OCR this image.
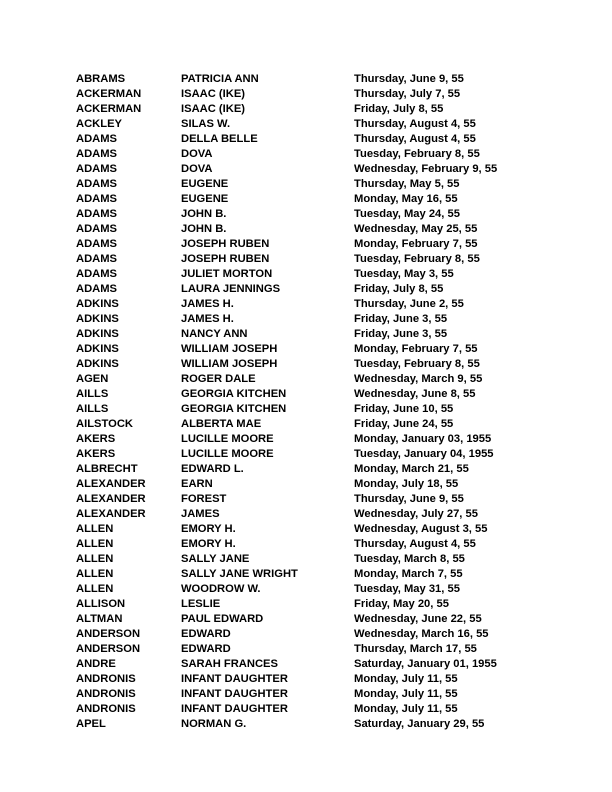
ABRAMS	PATRICIA ANN	Thursday, June 9, 55
ACKERMAN	ISAAC (IKE)	Thursday, July 7, 55
ACKERMAN	ISAAC (IKE)	Friday, July 8, 55
ACKLEY	SILAS W.	Thursday, August 4, 55
ADAMS	DELLA BELLE	Thursday, August 4, 55
ADAMS	DOVA	Tuesday, February 8, 55
ADAMS	DOVA	Wednesday, February 9, 55
ADAMS	EUGENE	Thursday, May 5, 55
ADAMS	EUGENE	Monday, May 16, 55
ADAMS	JOHN B.	Tuesday, May 24, 55
ADAMS	JOHN B.	Wednesday, May 25, 55
ADAMS	JOSEPH RUBEN	Monday, February 7, 55
ADAMS	JOSEPH RUBEN	Tuesday, February 8, 55
ADAMS	JULIET MORTON	Tuesday, May 3, 55
ADAMS	LAURA JENNINGS	Friday, July 8, 55
ADKINS	JAMES H.	Thursday, June 2, 55
ADKINS	JAMES H.	Friday, June 3, 55
ADKINS	NANCY ANN	Friday, June 3, 55
ADKINS	WILLIAM JOSEPH	Monday, February 7, 55
ADKINS	WILLIAM JOSEPH	Tuesday, February 8, 55
AGEN	ROGER DALE	Wednesday, March 9, 55
AILLS	GEORGIA KITCHEN	Wednesday, June 8, 55
AILLS	GEORGIA KITCHEN	Friday, June 10, 55
AILSTOCK	ALBERTA MAE	Friday, June 24, 55
AKERS	LUCILLE MOORE	Monday, January 03, 1955
AKERS	LUCILLE MOORE	Tuesday, January 04, 1955
ALBRECHT	EDWARD L.	Monday, March 21, 55
ALEXANDER	EARN	Monday, July 18, 55
ALEXANDER	FOREST	Thursday, June 9, 55
ALEXANDER	JAMES	Wednesday, July 27, 55
ALLEN	EMORY H.	Wednesday, August 3, 55
ALLEN	EMORY H.	Thursday, August 4, 55
ALLEN	SALLY JANE	Tuesday, March 8, 55
ALLEN	SALLY JANE WRIGHT	Monday, March 7, 55
ALLEN	WOODROW W.	Tuesday, May 31, 55
ALLISON	LESLIE	Friday, May 20, 55
ALTMAN	PAUL EDWARD	Wednesday, June 22, 55
ANDERSON	EDWARD	Wednesday, March 16, 55
ANDERSON	EDWARD	Thursday, March 17, 55
ANDRE	SARAH FRANCES	Saturday, January 01, 1955
ANDRONIS	INFANT DAUGHTER	Monday, July 11, 55
ANDRONIS	INFANT DAUGHTER	Monday, July 11, 55
ANDRONIS	INFANT DAUGHTER	Monday, July 11, 55
APEL	NORMAN G.	Saturday, January 29, 55
